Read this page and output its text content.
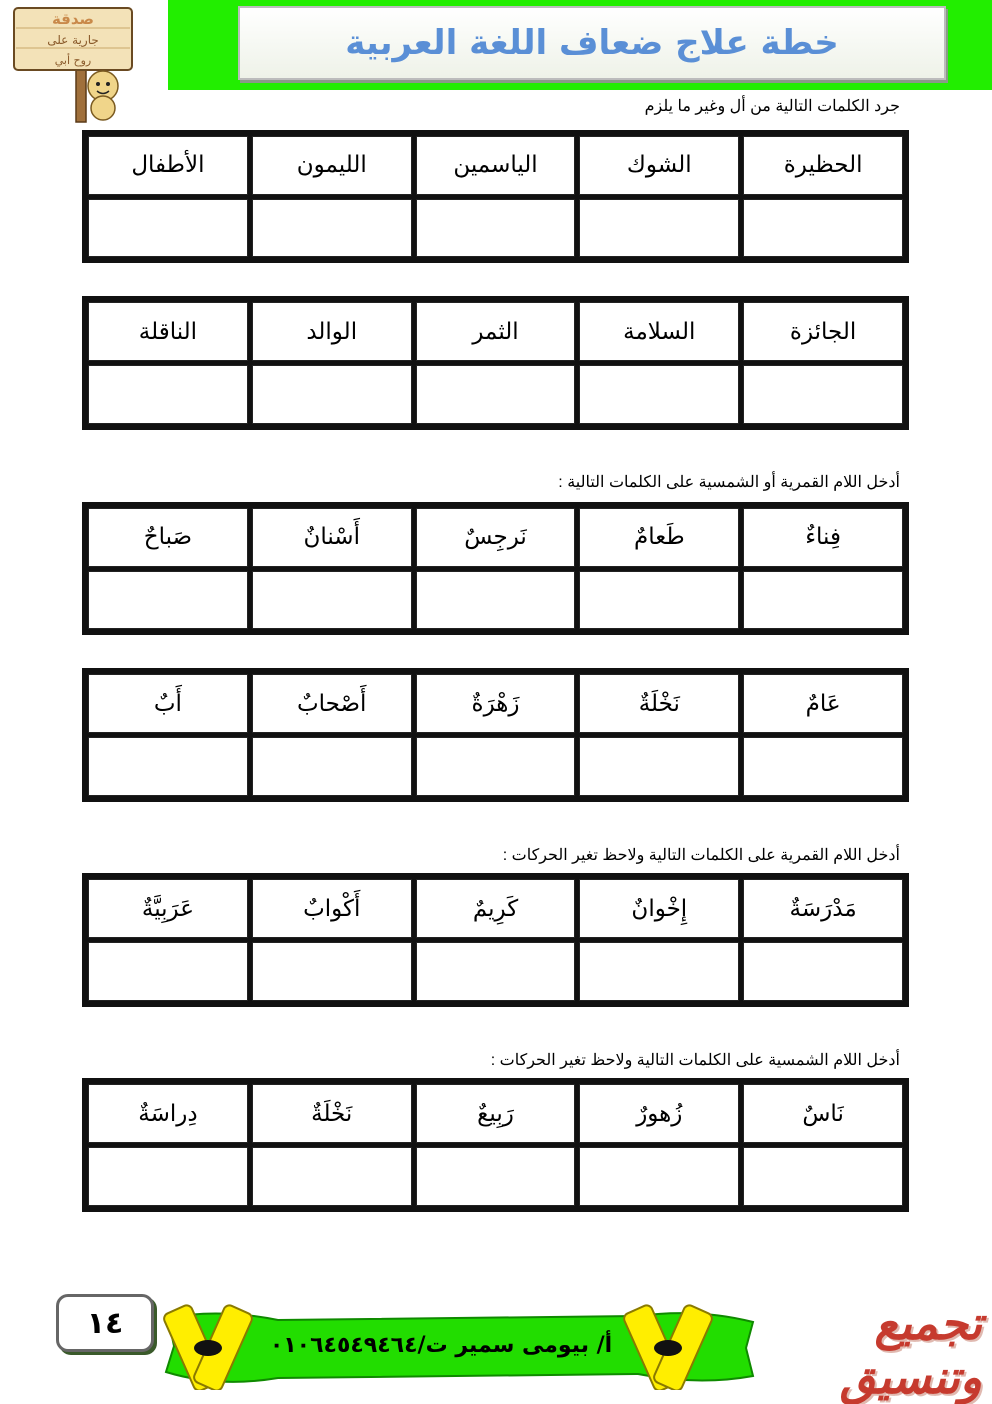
خطة علاج ضعاف اللغة العربية
صدقة
جارية على
روح أبي
جرد الكلمات التالية من أل وغير ما يلزم
الحظيرة
الشوك
الياسمين
الليمون
الأطفال
الجائزة
السلامة
الثمر
الوالد
الناقلة
أدخل اللام القمرية أو الشمسية على الكلمات التالية :
فِناءٌ
طَعامٌ
نَرجِسٌ
أَسْنانٌ
صَباحٌ
عَامٌ
نَخْلَةٌ
زَهْرَةٌ
أَصْحابٌ
أَبٌ
أدخل اللام القمرية على الكلمات التالية ولاحظ تغير الحركات :
مَدْرَسَةٌ
إِخْوانٌ
كَرِيمٌ
أَكْوابٌ
عَرَبِيَّةٌ
أدخل اللام الشمسية على الكلمات التالية ولاحظ تغير الحركات :
نَاسٌ
زُهورٌ
رَبِيعٌ
نَخْلَةٌ
دِراسَةٌ
١٤
أ/ بيومى سمير ت/٠١٠٦٤٥٤٩٤٦٤	تجميع وتنسيق
